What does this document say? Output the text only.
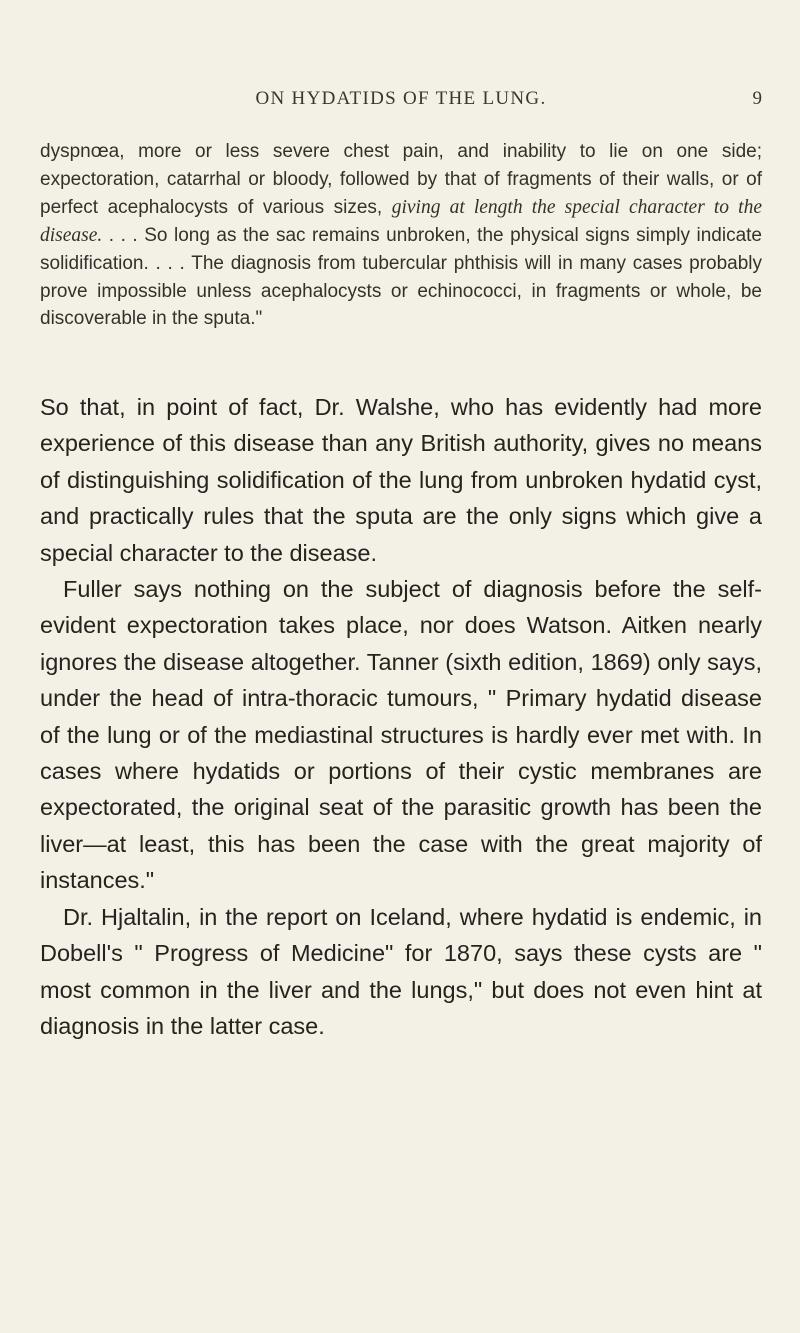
ON HYDATIDS OF THE LUNG.	9

dyspnœa, more or less severe chest pain, and inability to lie on one side; expectoration, catarrhal or bloody, followed by that of fragments of their walls, or of perfect acephalocysts of various sizes, giving at length the special character to the disease. . . . So long as the sac remains unbroken, the physical signs simply indicate solidification. . . . The diagnosis from tubercular phthisis will in many cases probably prove impossible unless acephalocysts or echinococci, in fragments or whole, be discoverable in the sputa."

So that, in point of fact, Dr. Walshe, who has evidently had more experience of this disease than any British authority, gives no means of distinguishing solidification of the lung from unbroken hydatid cyst, and practically rules that the sputa are the only signs which give a special character to the disease.

Fuller says nothing on the subject of diagnosis before the self-evident expectoration takes place, nor does Watson. Aitken nearly ignores the disease altogether. Tanner (sixth edition, 1869) only says, under the head of intra-thoracic tumours, " Primary hydatid disease of the lung or of the mediastinal structures is hardly ever met with. In cases where hydatids or portions of their cystic membranes are expectorated, the original seat of the parasitic growth has been the liver—at least, this has been the case with the great majority of instances."

Dr. Hjaltalin, in the report on Iceland, where hydatid is endemic, in Dobell's " Progress of Medicine" for 1870, says these cysts are " most common in the liver and the lungs," but does not even hint at diagnosis in the latter case.
